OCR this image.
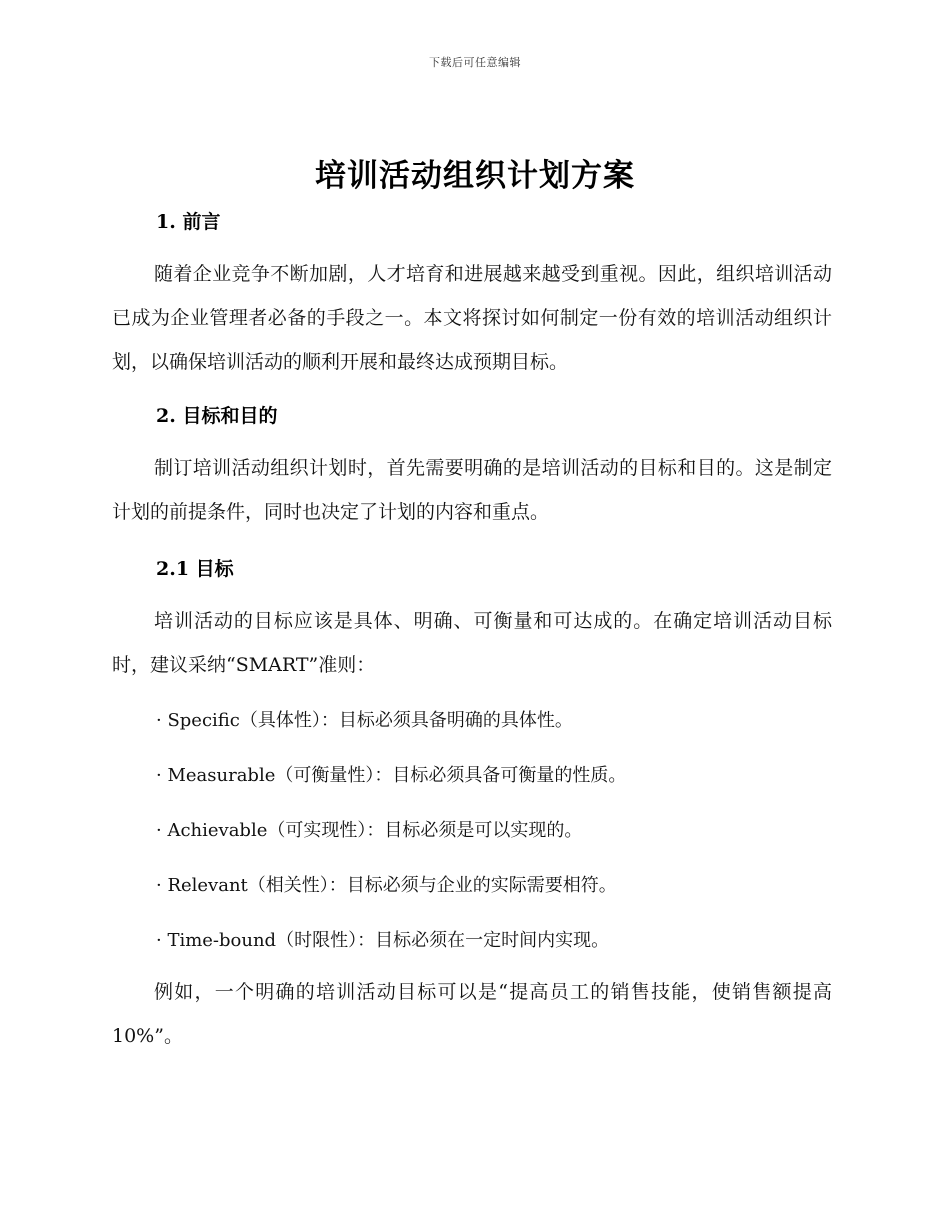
下载后可任意编辑
培训活动组织计划方案
1. 前言

随着企业竞争不断加剧，人才培育和进展越来越受到重视。因此，组织培训活动已成为企业管理者必备的手段之一。本文将探讨如何制定一份有效的培训活动组织计划，以确保培训活动的顺利开展和最终达成预期目标。

2. 目标和目的

制订培训活动组织计划时，首先需要明确的是培训活动的目标和目的。这是制定计划的前提条件，同时也决定了计划的内容和重点。

2.1 目标

培训活动的目标应该是具体、明确、可衡量和可达成的。在确定培训活动目标时，建议采纳“SMART”准则：

· Specific（具体性）：目标必须具备明确的具体性。
· Measurable（可衡量性）：目标必须具备可衡量的性质。
· Achievable（可实现性）：目标必须是可以实现的。
· Relevant（相关性）：目标必须与企业的实际需要相符。
· Time-bound（时限性）：目标必须在一定时间内实现。

例如，一个明确的培训活动目标可以是“提高员工的销售技能，使销售额提高10%”。
